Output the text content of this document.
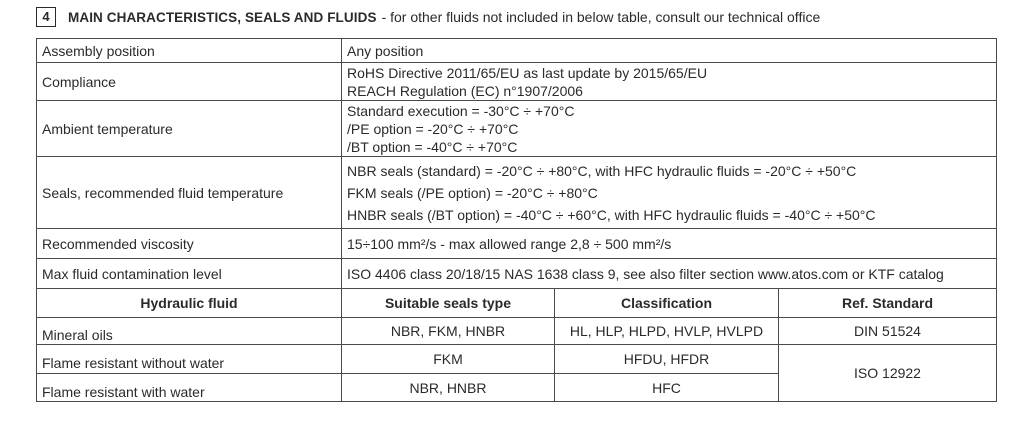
4	MAIN CHARACTERISTICS, SEALS AND FLUIDS - for other fluids not included in below table, consult our technical office
Assembly position	Any position		

Compliance	RoHS Directive 2011/65/EU as last update by 2015/65/EU
REACH Regulation (EC) n°1907/2006		

Ambient temperature	Standard execution = -30°C ÷ +70°C
/PE option = -20°C ÷ +70°C
/BT option = -40°C ÷ +70°C		

Seals, recommended fluid temperature	NBR seals (standard) = -20°C ÷ +80°C, with HFC hydraulic fluids = -20°C ÷ +50°C
FKM seals (/PE option) = -20°C ÷ +80°C
HNBR seals (/BT option) = -40°C ÷ +60°C, with HFC hydraulic fluids = -40°C ÷ +50°C		

Recommended viscosity	15÷100 mm²/s - max allowed range 2,8 ÷ 500 mm²/s		

Max fluid contamination level	ISO 4406 class 20/18/15 NAS 1638 class 9, see also filter section www.atos.com or KTF catalog		

Hydraulic fluid	Suitable seals type	Classification	Ref. Standard
Mineral oils	NBR, FKM, HNBR	HL, HLP, HLPD, HVLP, HVLPD	DIN 51524
Flame resistant without water	FKM	HFDU, HFDR	ISO 12922
Flame resistant with water	NBR, HNBR	HFC	
